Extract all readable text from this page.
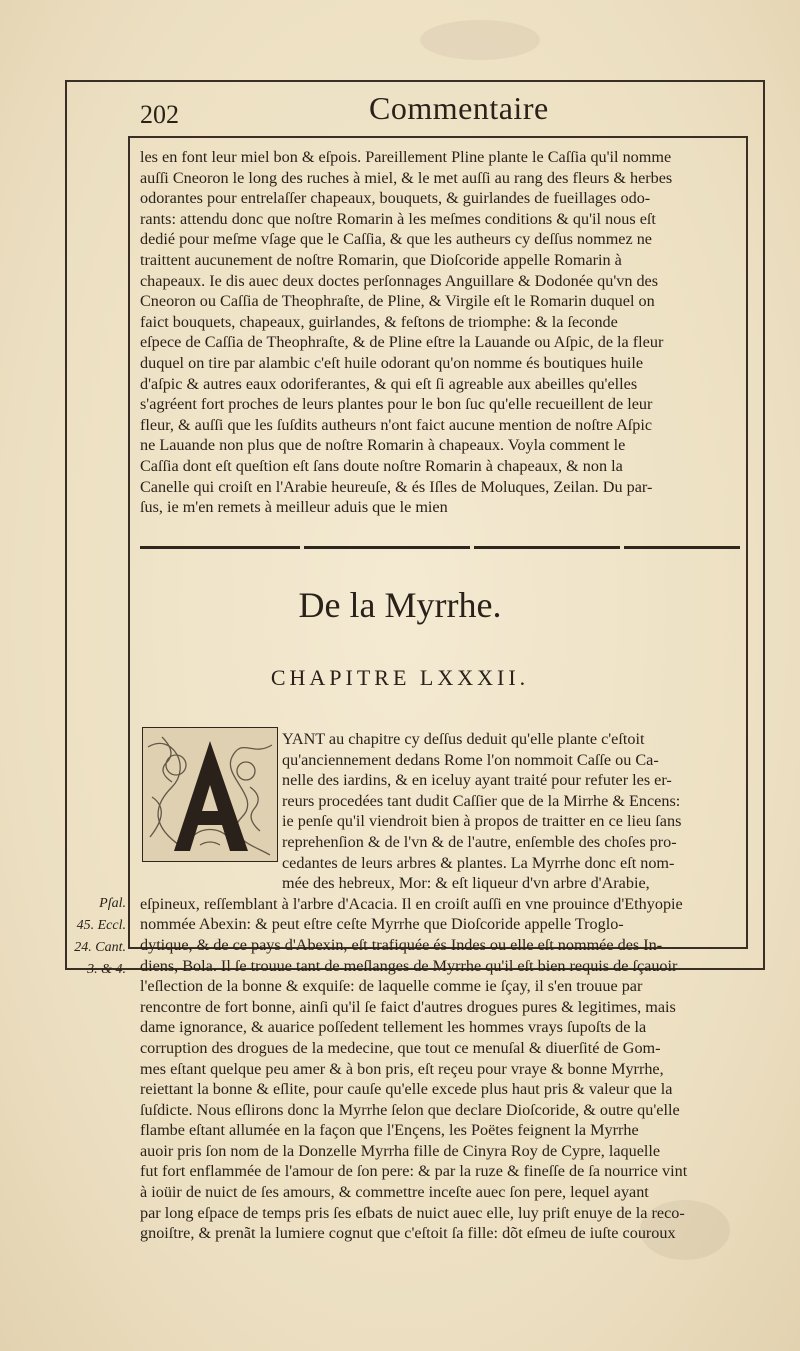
202	Commentaire

les en font leur miel bon & eſpois. Pareillement Pline plante le Caſſia qu'il nomme

auſſi Cneoron le long des ruches à miel, & le met auſſi au rang des fleurs & herbes

odorantes pour entrelaſſer chapeaux, bouquets, & guirlandes de fueillages odo-

rants: attendu donc que noſtre Romarin à les meſmes conditions & qu'il nous eſt

dedié pour meſme vſage que le Caſſia, & que les autheurs cy deſſus nommez ne

traittent aucunement de noſtre Romarin, que Dioſcoride appelle Romarin à

chapeaux. Ie dis auec deux doctes perſonnages Anguillare & Dodonée qu'vn des

Cneoron ou Caſſia de Theophraſte, de Pline, & Virgile eſt le Romarin duquel on

faict bouquets, chapeaux, guirlandes, & feſtons de triomphe: & la ſeconde

eſpece de Caſſia de Theophraſte, & de Pline eſtre la Lauande ou Aſpic, de la fleur

duquel on tire par alambic c'eſt huile odorant qu'on nomme és boutiques huile

d'aſpic & autres eaux odoriferantes, & qui eſt ſi agreable aux abeilles qu'elles

s'agréent fort proches de leurs plantes pour le bon ſuc qu'elle recueillent de leur

fleur, & auſſi que les ſuſdits autheurs n'ont faict aucune mention de noſtre Aſpic

ne Lauande non plus que de noſtre Romarin à chapeaux. Voyla comment le

Caſſia dont eſt queſtion eſt ſans doute noſtre Romarin à chapeaux, & non la

Canelle qui croiſt en l'Arabie heureuſe, & és Iſles de Moluques, Zeilan. Du par-

ſus, ie m'en remets à meilleur aduis que le mien

De la Myrrhe.
CHAPITRE LXXXII.

YANT au chapitre cy deſſus deduit qu'elle plante c'eſtoit

qu'anciennement dedans Rome l'on nommoit Caſſe ou Ca-

nelle des iardins, & en iceluy ayant traité pour refuter les er-

reurs procedées tant dudit Caſſier que de la Mirrhe & Encens:

ie penſe qu'il viendroit bien à propos de traitter en ce lieu ſans

reprehenſion & de l'vn & de l'autre, enſemble des choſes pro-

cedantes de leurs arbres & plantes. La Myrrhe donc eſt nom-

mée des hebreux, Mor: & eſt liqueur d'vn arbre d'Arabie,

eſpineux, reſſemblant à l'arbre d'Acacia. Il en croiſt auſſi en vne prouince d'Ethyopie

nommée Abexin: & peut eſtre ceſte Myrrhe que Dioſcoride appelle Troglo-

dytique, & de ce pays d'Abexin, eſt trafiquée és Indes ou elle eſt nommée des In-

diens, Bola. Il ſe trouue tant de meſlanges de Myrrhe qu'il eſt bien requis de ſçauoir

l'eſlection de la bonne & exquiſe: de laquelle comme ie ſçay, il s'en trouue par

rencontre de fort bonne, ainſi qu'il ſe faict d'autres drogues pures & legitimes, mais

dame ignorance, & auarice poſſedent tellement les hommes vrays ſupoſts de la

corruption des drogues de la medecine, que tout ce menuſal & diuerſité de Gom-

mes eſtant quelque peu amer & à bon pris, eſt reçeu pour vraye & bonne Myrrhe,

reiettant la bonne & eſlite, pour cauſe qu'elle excede plus haut pris & valeur que la

ſuſdicte. Nous eſlirons donc la Myrrhe ſelon que declare Dioſcoride, & outre qu'elle

flambe eſtant allumée en la façon que l'Ençens, les Poëtes feignent la Myrrhe

auoir pris ſon nom de la Donzelle Myrrha fille de Cinyra Roy de Cypre, laquelle

fut fort enflammée de l'amour de ſon pere: & par la ruze & fineſſe de ſa nourrice vint

à ioüir de nuict de ſes amours, & commettre inceſte auec ſon pere, lequel ayant

par long eſpace de temps pris ſes eſbats de nuict auec elle, luy priſt enuye de la reco-

gnoiſtre, & prenãt la lumiere cognut que c'eſtoit ſa fille: dõt eſmeu de iuſte couroux

Pſal.
45. Eccl.
24. Cant.
3. & 4.
